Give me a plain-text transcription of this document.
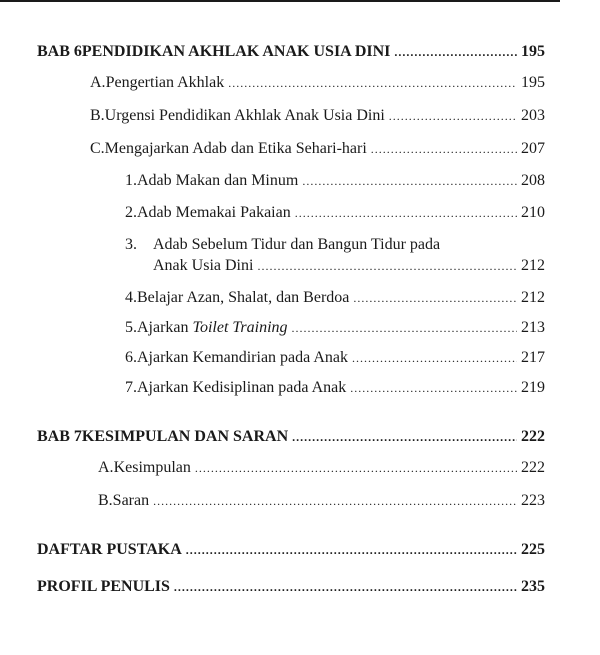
BAB 6 PENDIDIKAN AKHLAK ANAK USIA DINI .....	195
A. Pengertian Akhlak .....	195
B. Urgensi Pendidikan Akhlak Anak Usia Dini .....	203
C. Mengajarkan Adab dan Etika Sehari-hari .....	207
1. Adab Makan dan Minum .....	208
2. Adab Memakai Pakaian .....	210
3.	Adab Sebelum Tidur dan Bangun Tidur pada
Anak Usia Dini .....	212
4. Belajar Azan, Shalat, dan Berdoa .....	212
5. Ajarkan Toilet Training .....	213
6. Ajarkan Kemandirian pada Anak .....	217
7. Ajarkan Kedisiplinan pada Anak .....	219
BAB 7 KESIMPULAN DAN SARAN .....	222
A. Kesimpulan .....	222
B. Saran .....	223
DAFTAR PUSTAKA .....	225
PROFIL PENULIS .....	235
